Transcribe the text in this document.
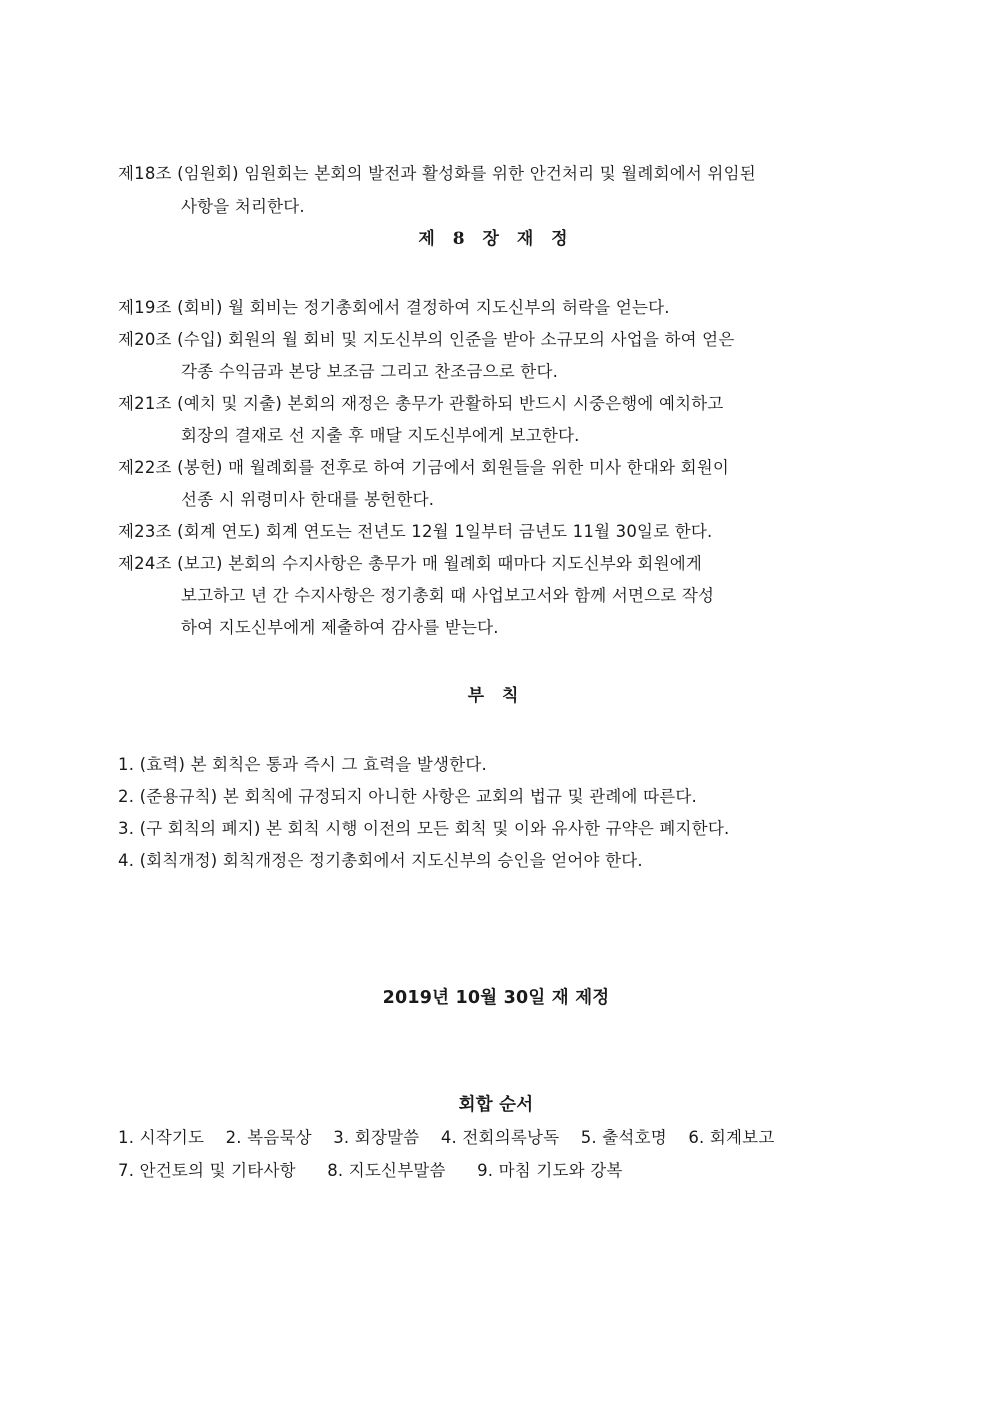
제18조 (임원회) 임원회는 본회의 발전과 활성화를 위한 안건처리 및 월례회에서 위임된
사항을 처리한다.
제 8 장 재 정
제19조 (회비) 월 회비는 정기총회에서 결정하여 지도신부의 허락을 얻는다.
제20조 (수입) 회원의 월 회비 및 지도신부의 인준을 받아 소규모의 사업을 하여 얻은
각종 수익금과 본당 보조금 그리고 찬조금으로 한다.
제21조 (예치 및 지출) 본회의 재정은 총무가 관활하되 반드시 시중은행에 예치하고
회장의 결재로 선 지출 후 매달 지도신부에게 보고한다.
제22조 (봉헌) 매 월례회를 전후로 하여 기금에서 회원들을 위한 미사 한대와 회원이
선종 시 위령미사 한대를 봉헌한다.
제23조 (회계 연도) 회계 연도는 전년도 12월 1일부터 금년도 11월 30일로 한다.
제24조 (보고) 본회의 수지사항은 총무가 매 월례회 때마다 지도신부와 회원에게
보고하고 년 간 수지사항은 정기총회 때 사업보고서와 함께 서면으로 작성
하여 지도신부에게 제출하여 감사를 받는다.
부 칙
1. (효력) 본 회칙은 통과 즉시 그 효력을 발생한다.
2. (준용규칙) 본 회칙에 규정되지 아니한 사항은 교회의 법규 및 관례에 따른다.
3. (구 회칙의 폐지) 본 회칙 시행 이전의 모든 회칙 및 이와 유사한 규약은 폐지한다.
4. (회칙개정) 회칙개정은 정기총회에서 지도신부의 승인을 얻어야 한다.
2019년 10월 30일 재 제정
회합 순서
1. 시작기도 2. 복음묵상 3. 회장말씀 4. 전회의록낭독 5. 출석호명 6. 회계보고
7. 안건토의 및 기타사항 8. 지도신부말씀 9. 마침 기도와 강복
